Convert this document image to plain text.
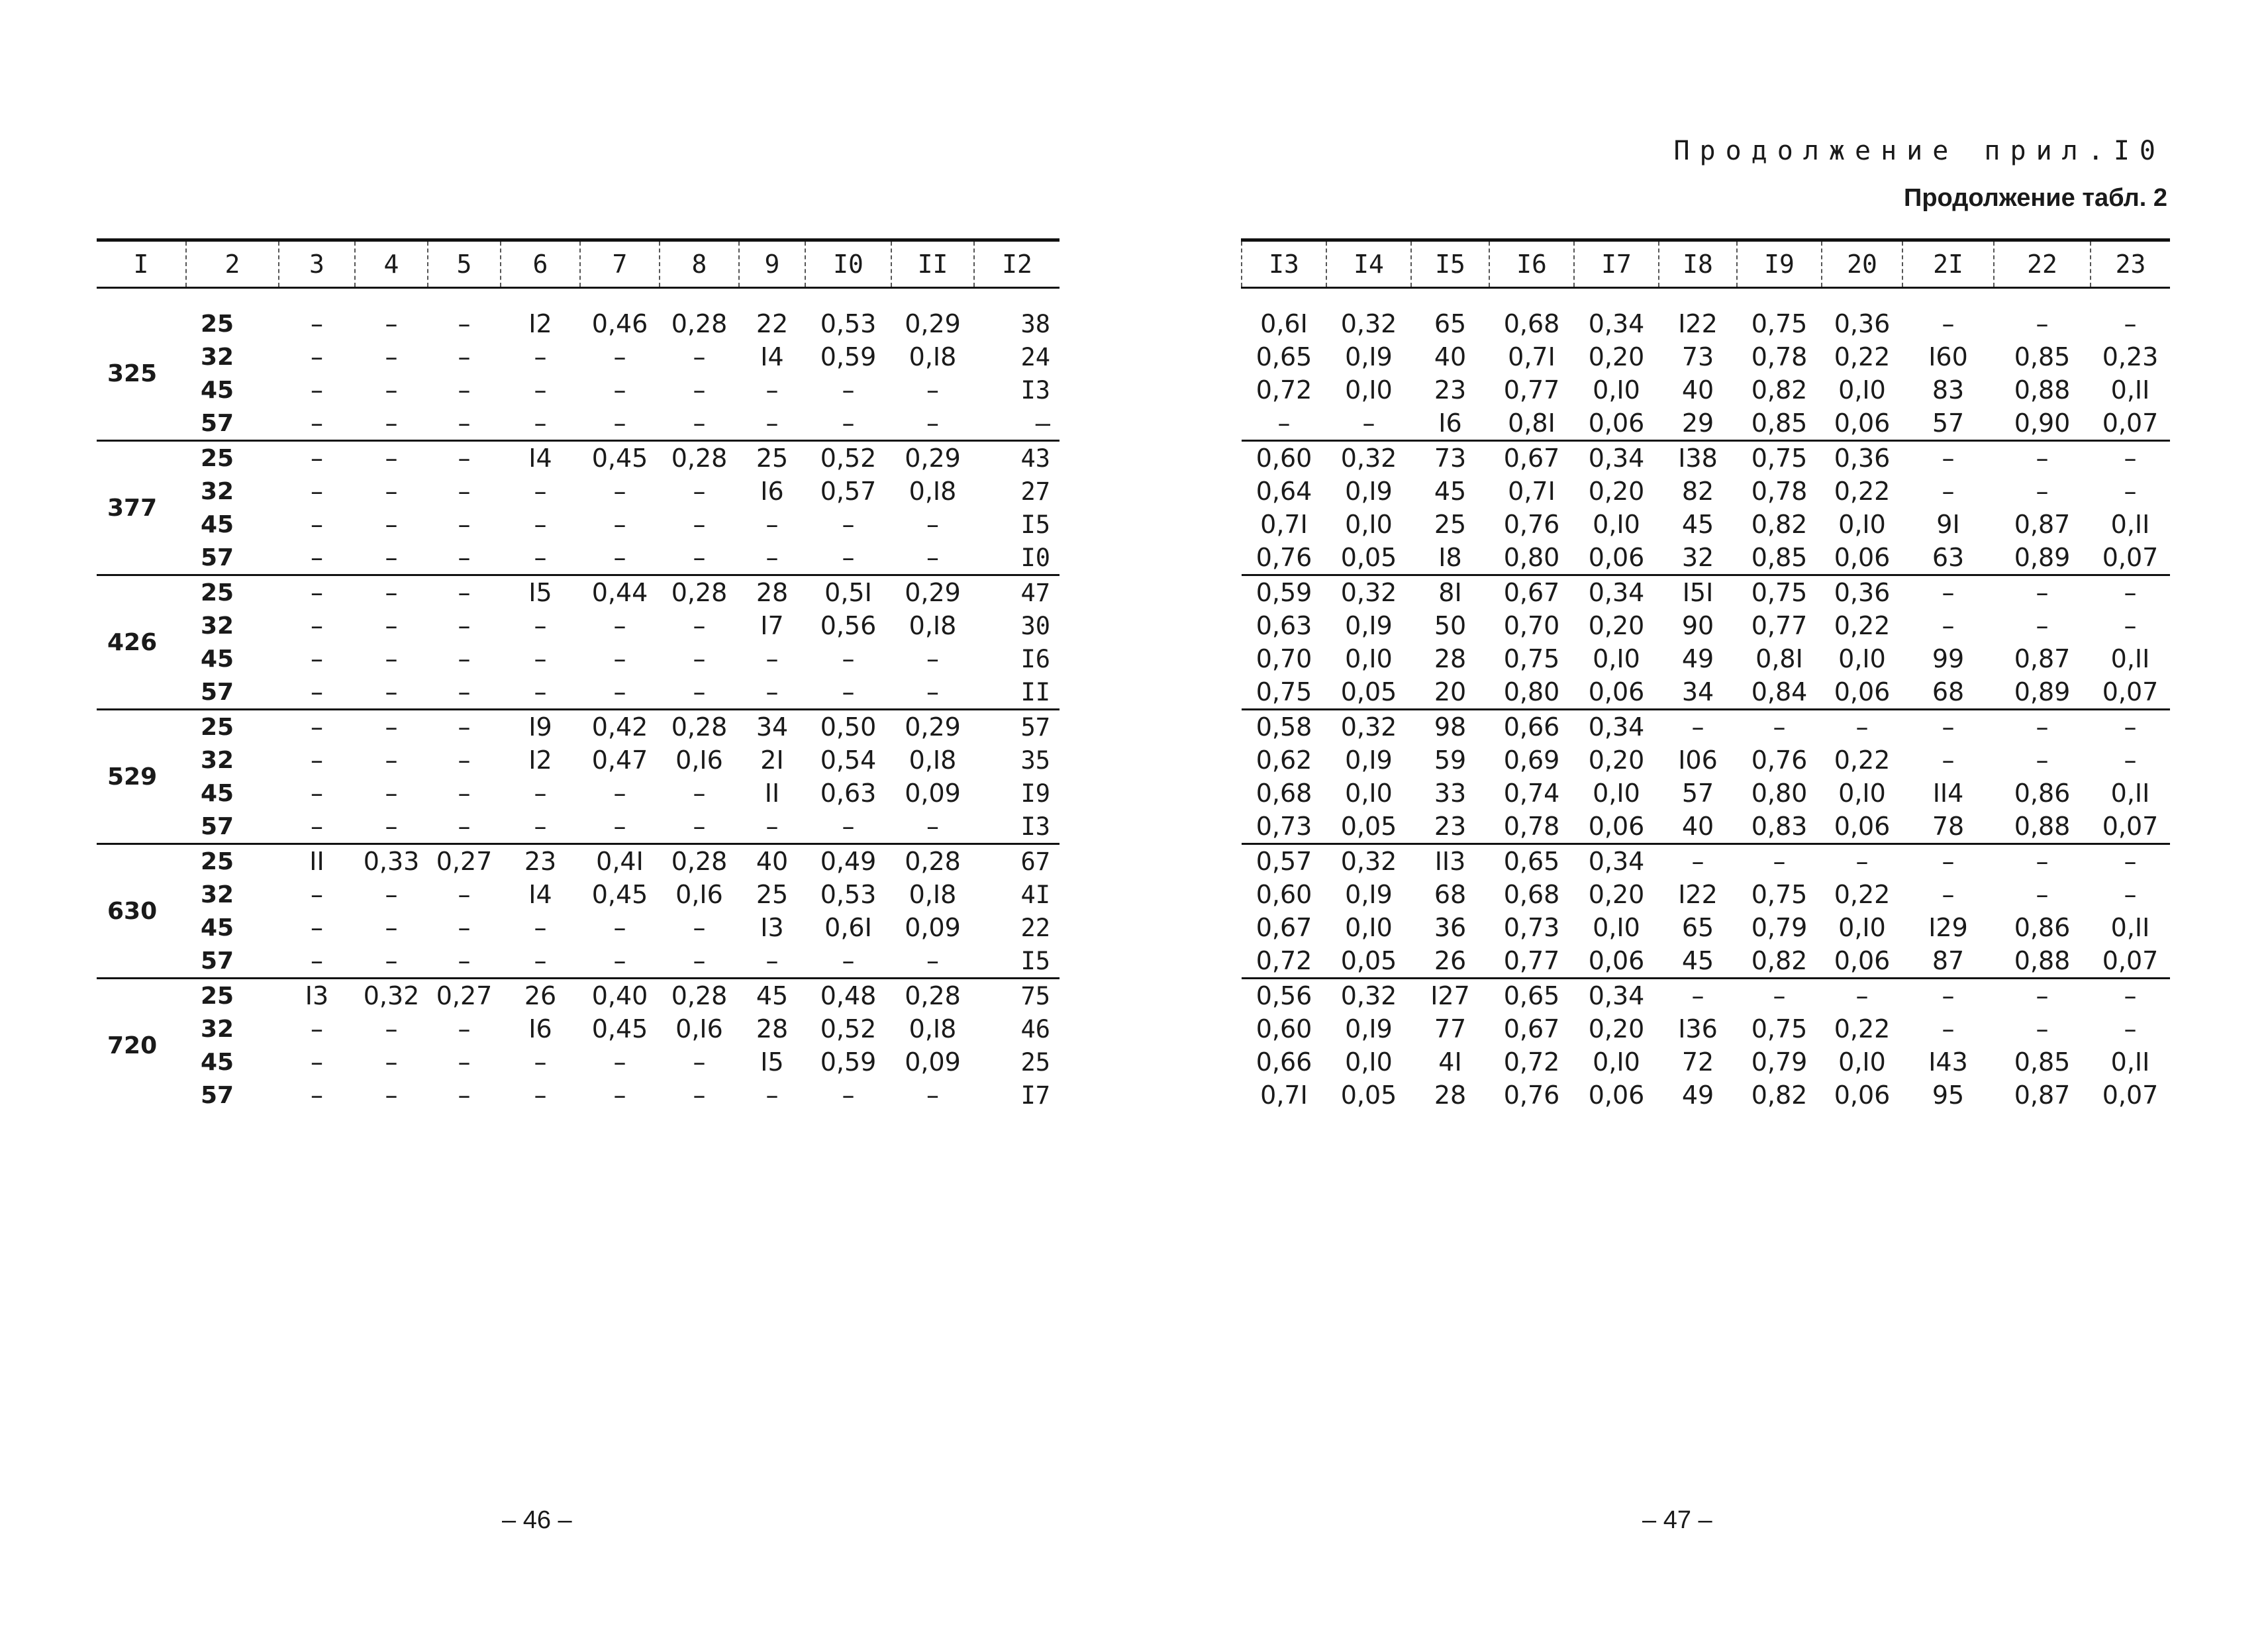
I	2	3	4	5	6	7	8	9	I0	II	I2

325	25	–	–	–	I2	0,46	0,28	22	0,53	0,29	38
	32	–	–	–	–	–	–	I4	0,59	0,I8	24
	45	–	–	–	–	–	–	–	–	–	I3
	57	–	–	–	–	–	–	–	–	–	–
377	25	–	–	–	I4	0,45	0,28	25	0,52	0,29	43
	32	–	–	–	–	–	–	I6	0,57	0,I8	27
	45	–	–	–	–	–	–	–	–	–	I5
	57	–	–	–	–	–	–	–	–	–	I0
426	25	–	–	–	I5	0,44	0,28	28	0,5I	0,29	47
	32	–	–	–	–	–	–	I7	0,56	0,I8	30
	45	–	–	–	–	–	–	–	–	–	I6
	57	–	–	–	–	–	–	–	–	–	II
529	25	–	–	–	I9	0,42	0,28	34	0,50	0,29	57
	32	–	–	–	I2	0,47	0,I6	2I	0,54	0,I8	35
	45	–	–	–	–	–	–	II	0,63	0,09	I9
	57	–	–	–	–	–	–	–	–	–	I3
630	25	II	0,33	0,27	23	0,4I	0,28	40	0,49	0,28	67
	32	–	–	–	I4	0,45	0,I6	25	0,53	0,I8	4I
	45	–	–	–	–	–	–	I3	0,6I	0,09	22
	57	–	–	–	–	–	–	–	–	–	I5
720	25	I3	0,32	0,27	26	0,40	0,28	45	0,48	0,28	75
	32	–	–	–	I6	0,45	0,I6	28	0,52	0,I8	46
	45	–	–	–	–	–	–	I5	0,59	0,09	25
	57	–	–	–	–	–	–	–	–	–	I7
– 46 –
Продолжение прил.I0
Продолжение табл. 2
I3	I4	I5	I6	I7	I8	I9	20	2I	22	23

0,6I	0,32	65	0,68	0,34	I22	0,75	0,36	–	–	–
0,65	0,I9	40	0,7I	0,20	73	0,78	0,22	I60	0,85	0,23
0,72	0,I0	23	0,77	0,I0	40	0,82	0,I0	83	0,88	0,II
–	–	I6	0,8I	0,06	29	0,85	0,06	57	0,90	0,07
0,60	0,32	73	0,67	0,34	I38	0,75	0,36	–	–	–
0,64	0,I9	45	0,7I	0,20	82	0,78	0,22	–	–	–
0,7I	0,I0	25	0,76	0,I0	45	0,82	0,I0	9I	0,87	0,II
0,76	0,05	I8	0,80	0,06	32	0,85	0,06	63	0,89	0,07
0,59	0,32	8I	0,67	0,34	I5I	0,75	0,36	–	–	–
0,63	0,I9	50	0,70	0,20	90	0,77	0,22	–	–	–
0,70	0,I0	28	0,75	0,I0	49	0,8I	0,I0	99	0,87	0,II
0,75	0,05	20	0,80	0,06	34	0,84	0,06	68	0,89	0,07
0,58	0,32	98	0,66	0,34	–	–	–	–	–	–
0,62	0,I9	59	0,69	0,20	I06	0,76	0,22	–	–	–
0,68	0,I0	33	0,74	0,I0	57	0,80	0,I0	II4	0,86	0,II
0,73	0,05	23	0,78	0,06	40	0,83	0,06	78	0,88	0,07
0,57	0,32	II3	0,65	0,34	–	–	–	–	–	–
0,60	0,I9	68	0,68	0,20	I22	0,75	0,22	–	–	–
0,67	0,I0	36	0,73	0,I0	65	0,79	0,I0	I29	0,86	0,II
0,72	0,05	26	0,77	0,06	45	0,82	0,06	87	0,88	0,07
0,56	0,32	I27	0,65	0,34	–	–	–	–	–	–
0,60	0,I9	77	0,67	0,20	I36	0,75	0,22	–	–	–
0,66	0,I0	4I	0,72	0,I0	72	0,79	0,I0	I43	0,85	0,II
0,7I	0,05	28	0,76	0,06	49	0,82	0,06	95	0,87	0,07
– 47 –
